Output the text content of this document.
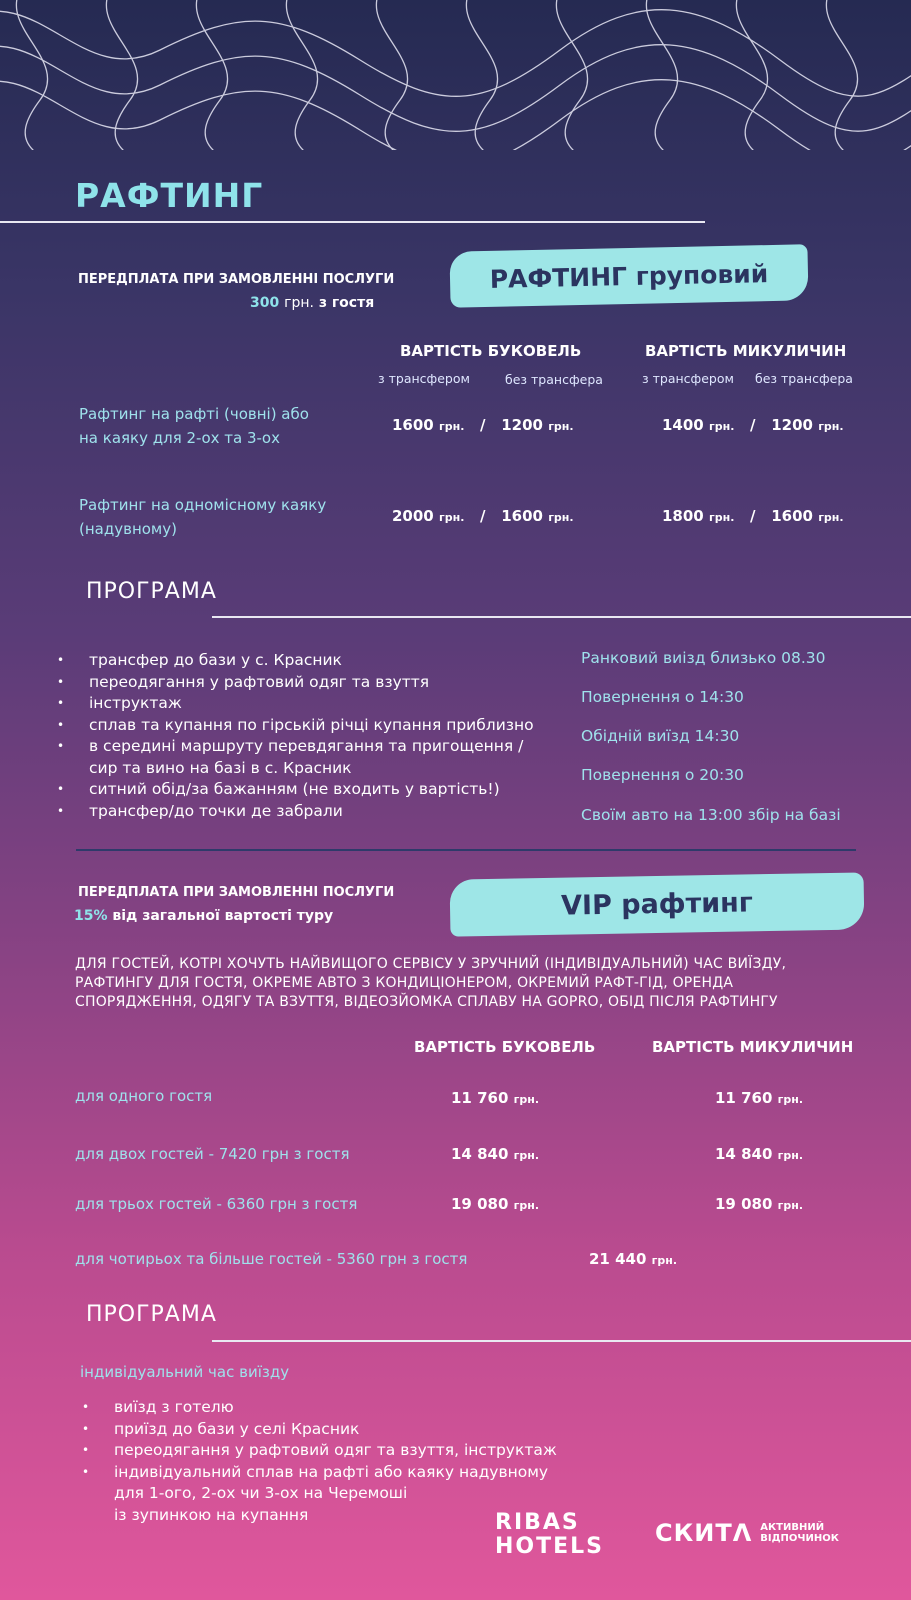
РАФТИНГ
ПЕРЕДПЛАТА ПРИ ЗАМОВЛЕННІ ПОСЛУГИ
300 грн. з гостя
РАФТИНГ груповий
ВАРТІСТЬ БУКОВЕЛЬ	ВАРТІСТЬ МИКУЛИЧИН
з трансфером	без трансфера	з трансфером без трансфера
Рафтинг на рафті (човні) або
на каяку для 2-ох та 3-ох
1600 грн.   /   1200 грн.	1400 грн.   /   1200 грн.
Рафтинг на одномісному каяку
(надувному)
2000 грн.   /   1600 грн.	1800 грн.   /   1600 грн.
ПРОГРАМА
• трансфер до бази у с. Красник
• переодягання у рафтовий одяг та взуття
• інструктаж
• сплав та купання по гірській річці купання приблизно
• в середині маршруту перевдягання та пригощення /
сир та вино на базі в с. Красник
• ситний обід/за бажанням (не входить у вартість!)
• трансфер/до точки де забрали
Ранковий виізд близько 08.30
Повернення о 14:30
Обідній виїзд 14:30
Повернення о 20:30
Своїм авто на 13:00 збір на базі
ПЕРЕДПЛАТА ПРИ ЗАМОВЛЕННІ ПОСЛУГИ
15% від загальної вартості туру	VIP рафтинг
ДЛЯ ГОСТЕЙ, КОТРІ ХОЧУТЬ НАЙВИЩОГО СЕРВІСУ У ЗРУЧНИЙ (ІНДИВІДУАЛЬНИЙ) ЧАС ВИЇЗДУ,
РАФТИНГУ ДЛЯ ГОСТЯ, ОКРЕМЕ АВТО З КОНДИЦІОНЕРОМ, ОКРЕМИЙ РАФТ-ГІД, ОРЕНДА
СПОРЯДЖЕННЯ, ОДЯГУ ТА ВЗУТТЯ, ВІДЕОЗЙОМКА СПЛАВУ НА GOPRO, ОБІД ПІСЛЯ РАФТИНГУ
ВАРТІСТЬ БУКОВЕЛЬ	ВАРТІСТЬ МИКУЛИЧИН
для одного гостя	11 760 грн.	11 760 грн.
для двох гостей - 7420 грн з гостя	14 840 грн.	14 840 грн.
для трьох гостей - 6360 грн з гостя	19 080 грн.	19 080 грн.
для чотирьох та більше гостей - 5360 грн з гостя	21 440 грн.
ПРОГРАМА
індивідуальний час виїзду
• виїзд з готелю
• приїзд до бази у селі Красник
• переодягання у рафтовий одяг та взуття, інструктаж
• індивідуальний сплав на рафті або каяку надувному
для 1-ого, 2-ох чи 3-ох на Черемоші
із зупинкою на купання	RIBAS
HOTELS СКИТ Λ АКТИВНИЙ
ВІДПОЧИНОК
